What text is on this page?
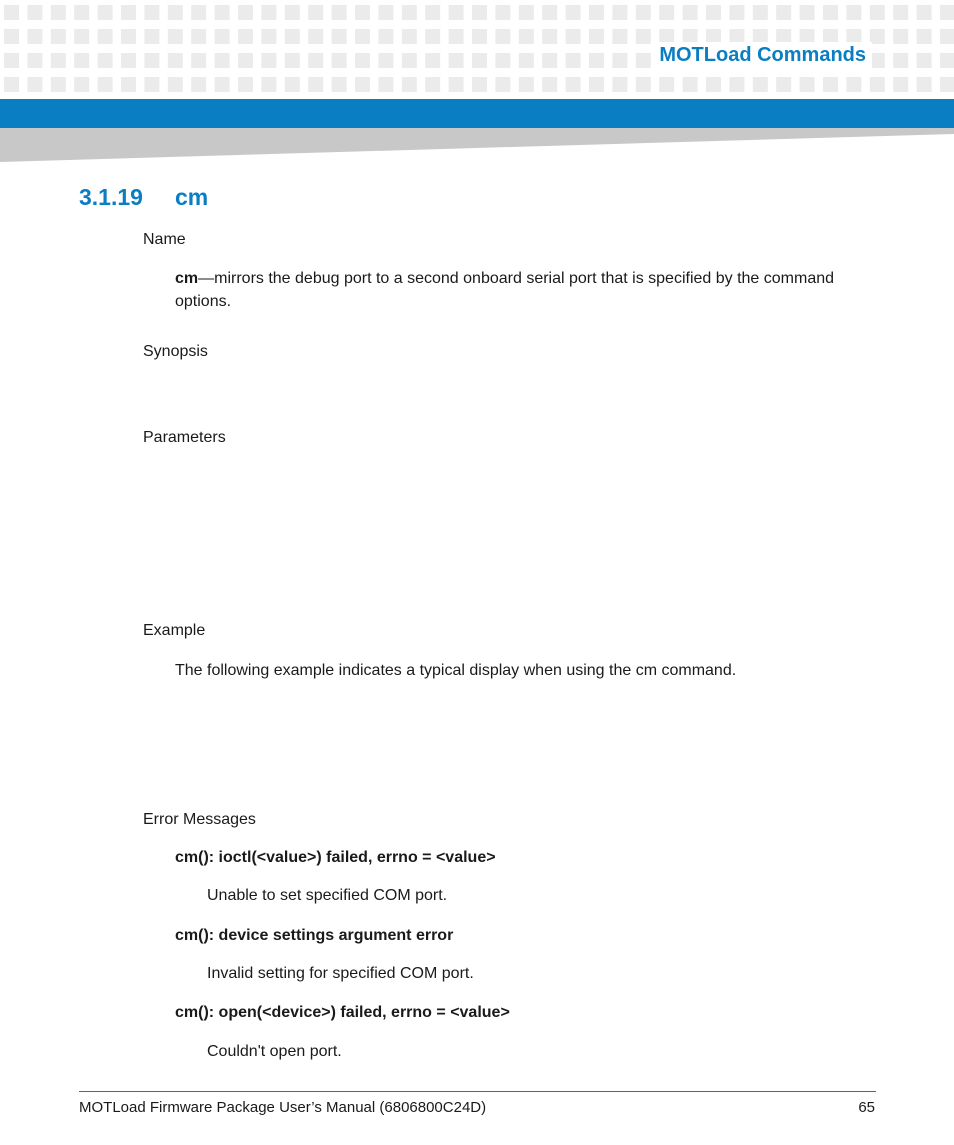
MOTLoad Commands
3.1.19 cm
Name
cm—mirrors the debug port to a second onboard serial port that is specified by the command options.
Synopsis
Parameters
Example
The following example indicates a typical display when using the cm command.
Error Messages
cm(): ioctl(<value>) failed, errno = <value>
Unable to set specified COM port.
cm(): device settings argument error
Invalid setting for specified COM port.
cm(): open(<device>) failed, errno = <value>
Couldn't open port.
MOTLoad Firmware Package User’s Manual (6806800C24D)	65
